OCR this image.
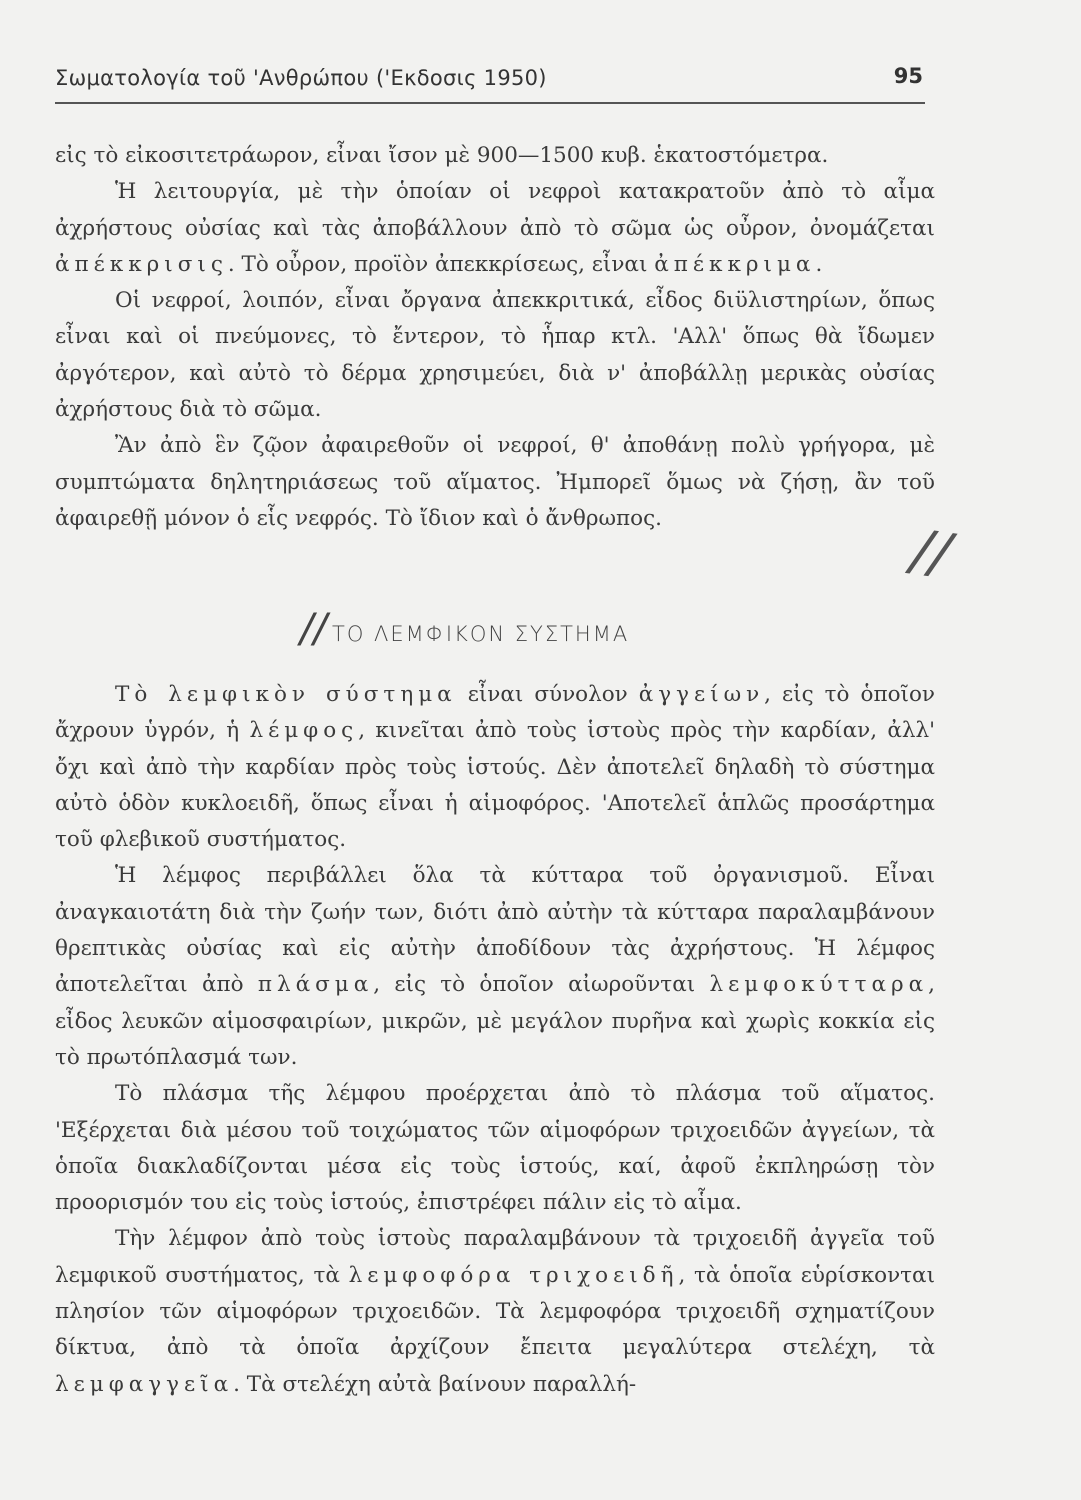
Σωματολογία τοῦ 'Ανθρώπου ('Εκδοσις 1950)	95

εἰς τὸ εἰκοσιτετράωρον, εἶναι ἴσον μὲ 900—1500 κυβ. ἑκατοστόμετρα.

Ἡ λειτουργία, μὲ τὴν ὁποίαν οἱ νεφροὶ κατακρατοῦν ἀπὸ τὸ αἷμα ἀχρήστους οὐσίας καὶ τὰς ἀποβάλλουν ἀπὸ τὸ σῶμα ὡς οὖρον, ὀνομάζεται ἀπέκκρισις. Τὸ οὖρον, προϊὸν ἀπεκκρίσεως, εἶναι ἀπέκκριμα.

Οἱ νεφροί, λοιπόν, εἶναι ὄργανα ἀπεκκριτικά, εἶδος διϋλιστηρίων, ὅπως εἶναι καὶ οἱ πνεύμονες, τὸ ἔντερον, τὸ ἧπαρ κτλ. 'Αλλ' ὅπως θὰ ἴδωμεν ἀργότερον, καὶ αὐτὸ τὸ δέρμα χρησιμεύει, διὰ ν' ἀποβάλλῃ μερικὰς οὐσίας ἀχρήστους διὰ τὸ σῶμα.

Ἂν ἀπὸ ἓν ζῷον ἀφαιρεθοῦν οἱ νεφροί, θ' ἀποθάνῃ πολὺ γρήγορα, μὲ συμπτώματα δηλητηριάσεως τοῦ αἵματος. Ἠμπορεῖ ὅμως νὰ ζήσῃ, ἂν τοῦ ἀφαιρεθῇ μόνον ὁ εἷς νεφρός. Τὸ ἴδιον καὶ ὁ ἄνθρωπος.	//
// ΤΟ ΛΕΜΦΙΚΟΝ ΣΥΣΤΗΜΑ

Τὸ λεμφικὸν σύστημα εἶναι σύνολον ἀγγείων, εἰς τὸ ὁποῖον ἄχρουν ὑγρόν, ἡ λέμφος, κινεῖται ἀπὸ τοὺς ἱστοὺς πρὸς τὴν καρδίαν, ἀλλ' ὄχι καὶ ἀπὸ τὴν καρδίαν πρὸς τοὺς ἱστούς. Δὲν ἀποτελεῖ δηλαδὴ τὸ σύστημα αὐτὸ ὁδὸν κυκλοειδῆ, ὅπως εἶναι ἡ αἱμοφόρος. 'Αποτελεῖ ἁπλῶς προσάρτημα τοῦ φλεβικοῦ συστήματος.

Ἡ λέμφος περιβάλλει ὅλα τὰ κύτταρα τοῦ ὀργανισμοῦ. Εἶναι ἀναγκαιοτάτη διὰ τὴν ζωήν των, διότι ἀπὸ αὐτὴν τὰ κύτταρα παραλαμβάνουν θρεπτικὰς οὐσίας καὶ εἰς αὐτὴν ἀποδίδουν τὰς ἀχρήστους. Ἡ λέμφος ἀποτελεῖται ἀπὸ πλάσμα, εἰς τὸ ὁποῖον αἰωροῦνται λεμφοκύτταρα, εἶδος λευκῶν αἱμοσφαιρίων, μικρῶν, μὲ μεγάλον πυρῆνα καὶ χωρὶς κοκκία εἰς τὸ πρωτόπλασμά των.

Τὸ πλάσμα τῆς λέμφου προέρχεται ἀπὸ τὸ πλάσμα τοῦ αἵματος. 'Εξέρχεται διὰ μέσου τοῦ τοιχώματος τῶν αἱμοφόρων τριχοειδῶν ἀγγείων, τὰ ὁποῖα διακλαδίζονται μέσα εἰς τοὺς ἱστούς, καί, ἀφοῦ ἐκπληρώσῃ τὸν προορισμόν του εἰς τοὺς ἱστούς, ἐπιστρέφει πάλιν εἰς τὸ αἷμα.

Τὴν λέμφον ἀπὸ τοὺς ἱστοὺς παραλαμβάνουν τὰ τριχοειδῆ ἀγγεῖα τοῦ λεμφικοῦ συστήματος, τὰ λεμφοφόρα τριχοειδῆ, τὰ ὁποῖα εὑρίσκονται πλησίον τῶν αἱμοφόρων τριχοειδῶν. Τὰ λεμφοφόρα τριχοειδῆ σχηματίζουν δίκτυα, ἀπὸ τὰ ὁποῖα ἀρχίζουν ἔπειτα μεγαλύτερα στελέχη, τὰ λεμφαγγεῖα. Τὰ στελέχη αὐτὰ βαίνουν παραλλή-
